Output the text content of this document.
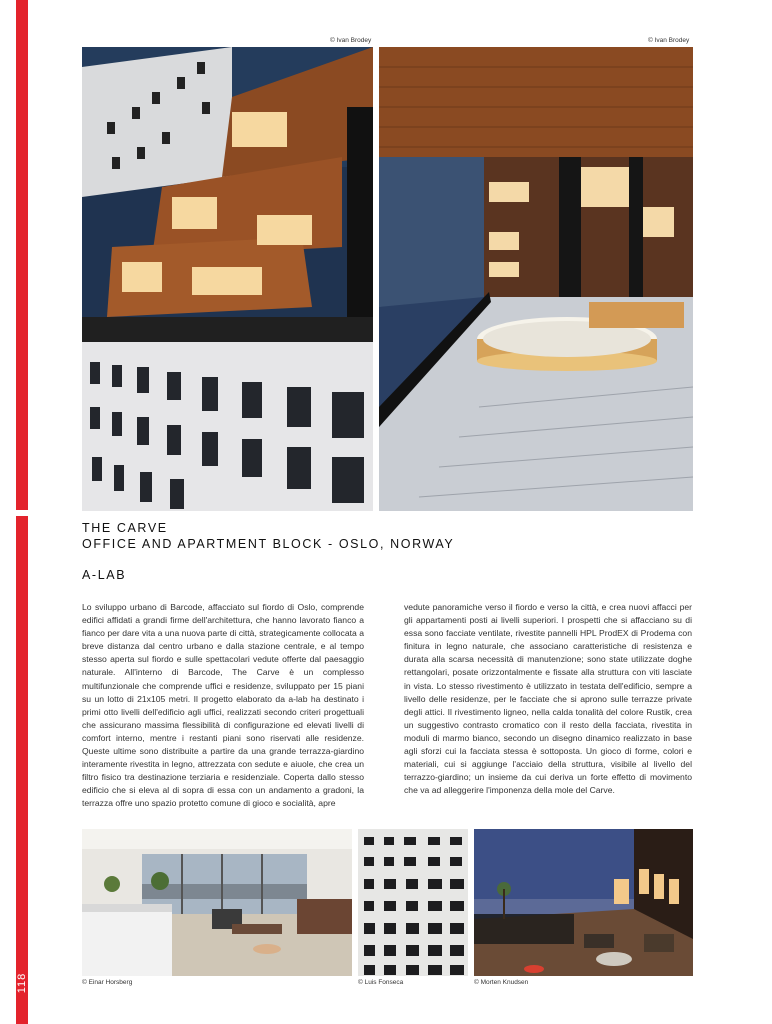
118
© Ivan Brodey	© Ivan Brodey
THE CARVE
OFFICE AND APARTMENT BLOCK - OSLO, NORWAY
A-LAB
Lo sviluppo urbano di Barcode, affacciato sul fiordo di Oslo, comprende edifici affidati a grandi firme dell'architettura, che hanno lavorato fianco a fianco per dare vita a una nuova parte di città, strategicamente collocata a breve distanza dal centro urbano e dalla stazione centrale, e al tempo stesso aperta sul fiordo e sulle spettacolari vedute offerte dal paesaggio naturale. All'interno di Barcode, The Carve è un complesso multifunzionale che comprende uffici e residenze, sviluppato per 15 piani su un lotto di 21x105 metri. Il progetto elaborato da a-lab ha destinato i primi otto livelli dell'edificio agli uffici, realizzati secondo criteri progettuali che assicurano massima flessibilità di configurazione ed elevati livelli di comfort interno, mentre i restanti piani sono riservati alle residenze. Queste ultime sono distribuite a partire da una grande terrazza-giardino interamente rivestita in legno, attrezzata con sedute e aiuole, che crea un filtro fisico tra destinazione terziaria e residenziale. Coperta dallo stesso edificio che si eleva al di sopra di essa con un andamento a gradoni, la terrazza offre uno spazio protetto comune di gioco e socialità, apre
vedute panoramiche verso il fiordo e verso la città, e crea nuovi affacci per gli appartamenti posti ai livelli superiori. I prospetti che si affacciano su di essa sono facciate ventilate, rivestite pannelli HPL ProdEX di Prodema con finitura in legno naturale, che associano caratteristiche di resistenza e durata alla scarsa necessità di manutenzione; sono state utilizzate doghe rettangolari, posate orizzontalmente e fissate alla struttura con viti lasciate in vista. Lo stesso rivestimento è utilizzato in testata dell'edificio, sempre a livello delle residenze, per le facciate che si aprono sulle terrazze private degli attici. Il rivestimento ligneo, nella calda tonalità del colore Rustik, crea un suggestivo contrasto cromatico con il resto della facciata, rivestita in moduli di marmo bianco, secondo un disegno dinamico realizzato in base agli sforzi cui la facciata stessa è sottoposta. Un gioco di forme, colori e materiali, cui si aggiunge l'acciaio della struttura, visibile al livello del terrazzo-giardino; un insieme da cui deriva un forte effetto di movimento che va ad alleggerire l'imponenza della mole del Carve.
© Einar Horsberg	© Luis Fonseca	© Morten Knudsen
